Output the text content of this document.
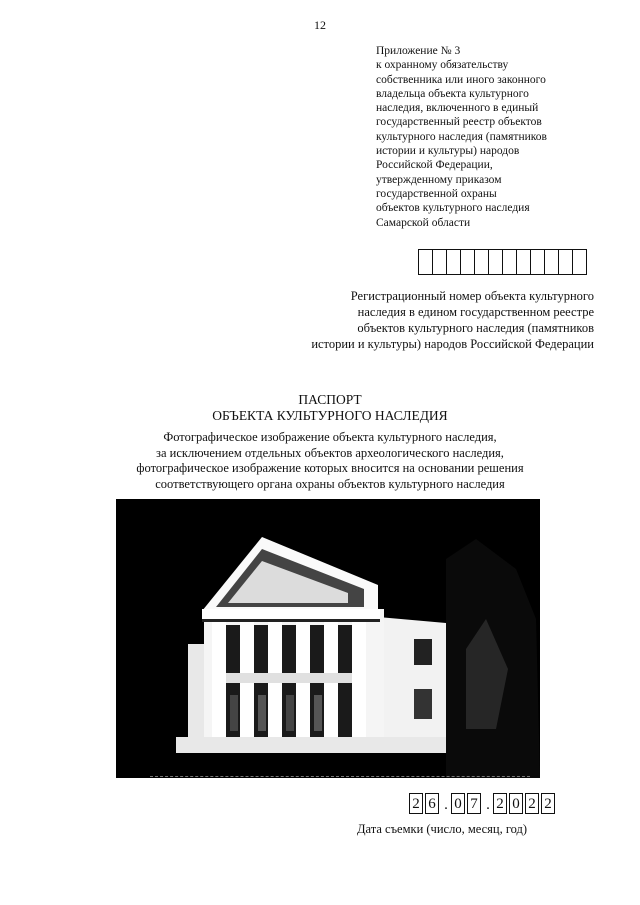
12
Приложение № 3
к охранному обязательству
собственника или иного законного
владельца объекта культурного
наследия, включенного в единый
государственный реестр объектов
культурного наследия (памятников
истории и культуры) народов
Российской Федерации,
утвержденному приказом
государственной охраны
объектов культурного наследия
Самарской области
Регистрационный номер объекта культурного
наследия в едином государственном реестре
объектов культурного наследия (памятников
истории и культуры) народов Российской Федерации
ПАСПОРТ
ОБЪЕКТА КУЛЬТУРНОГО НАСЛЕДИЯ
Фотографическое изображение объекта культурного наследия,
за исключением отдельных объектов археологического наследия,
фотографическое изображение которых вносится на основании решения
соответствующего органа охраны объектов культурного наследия
2 6 . 0 7 . 2 0 2 2
Дата съемки (число, месяц, год)
